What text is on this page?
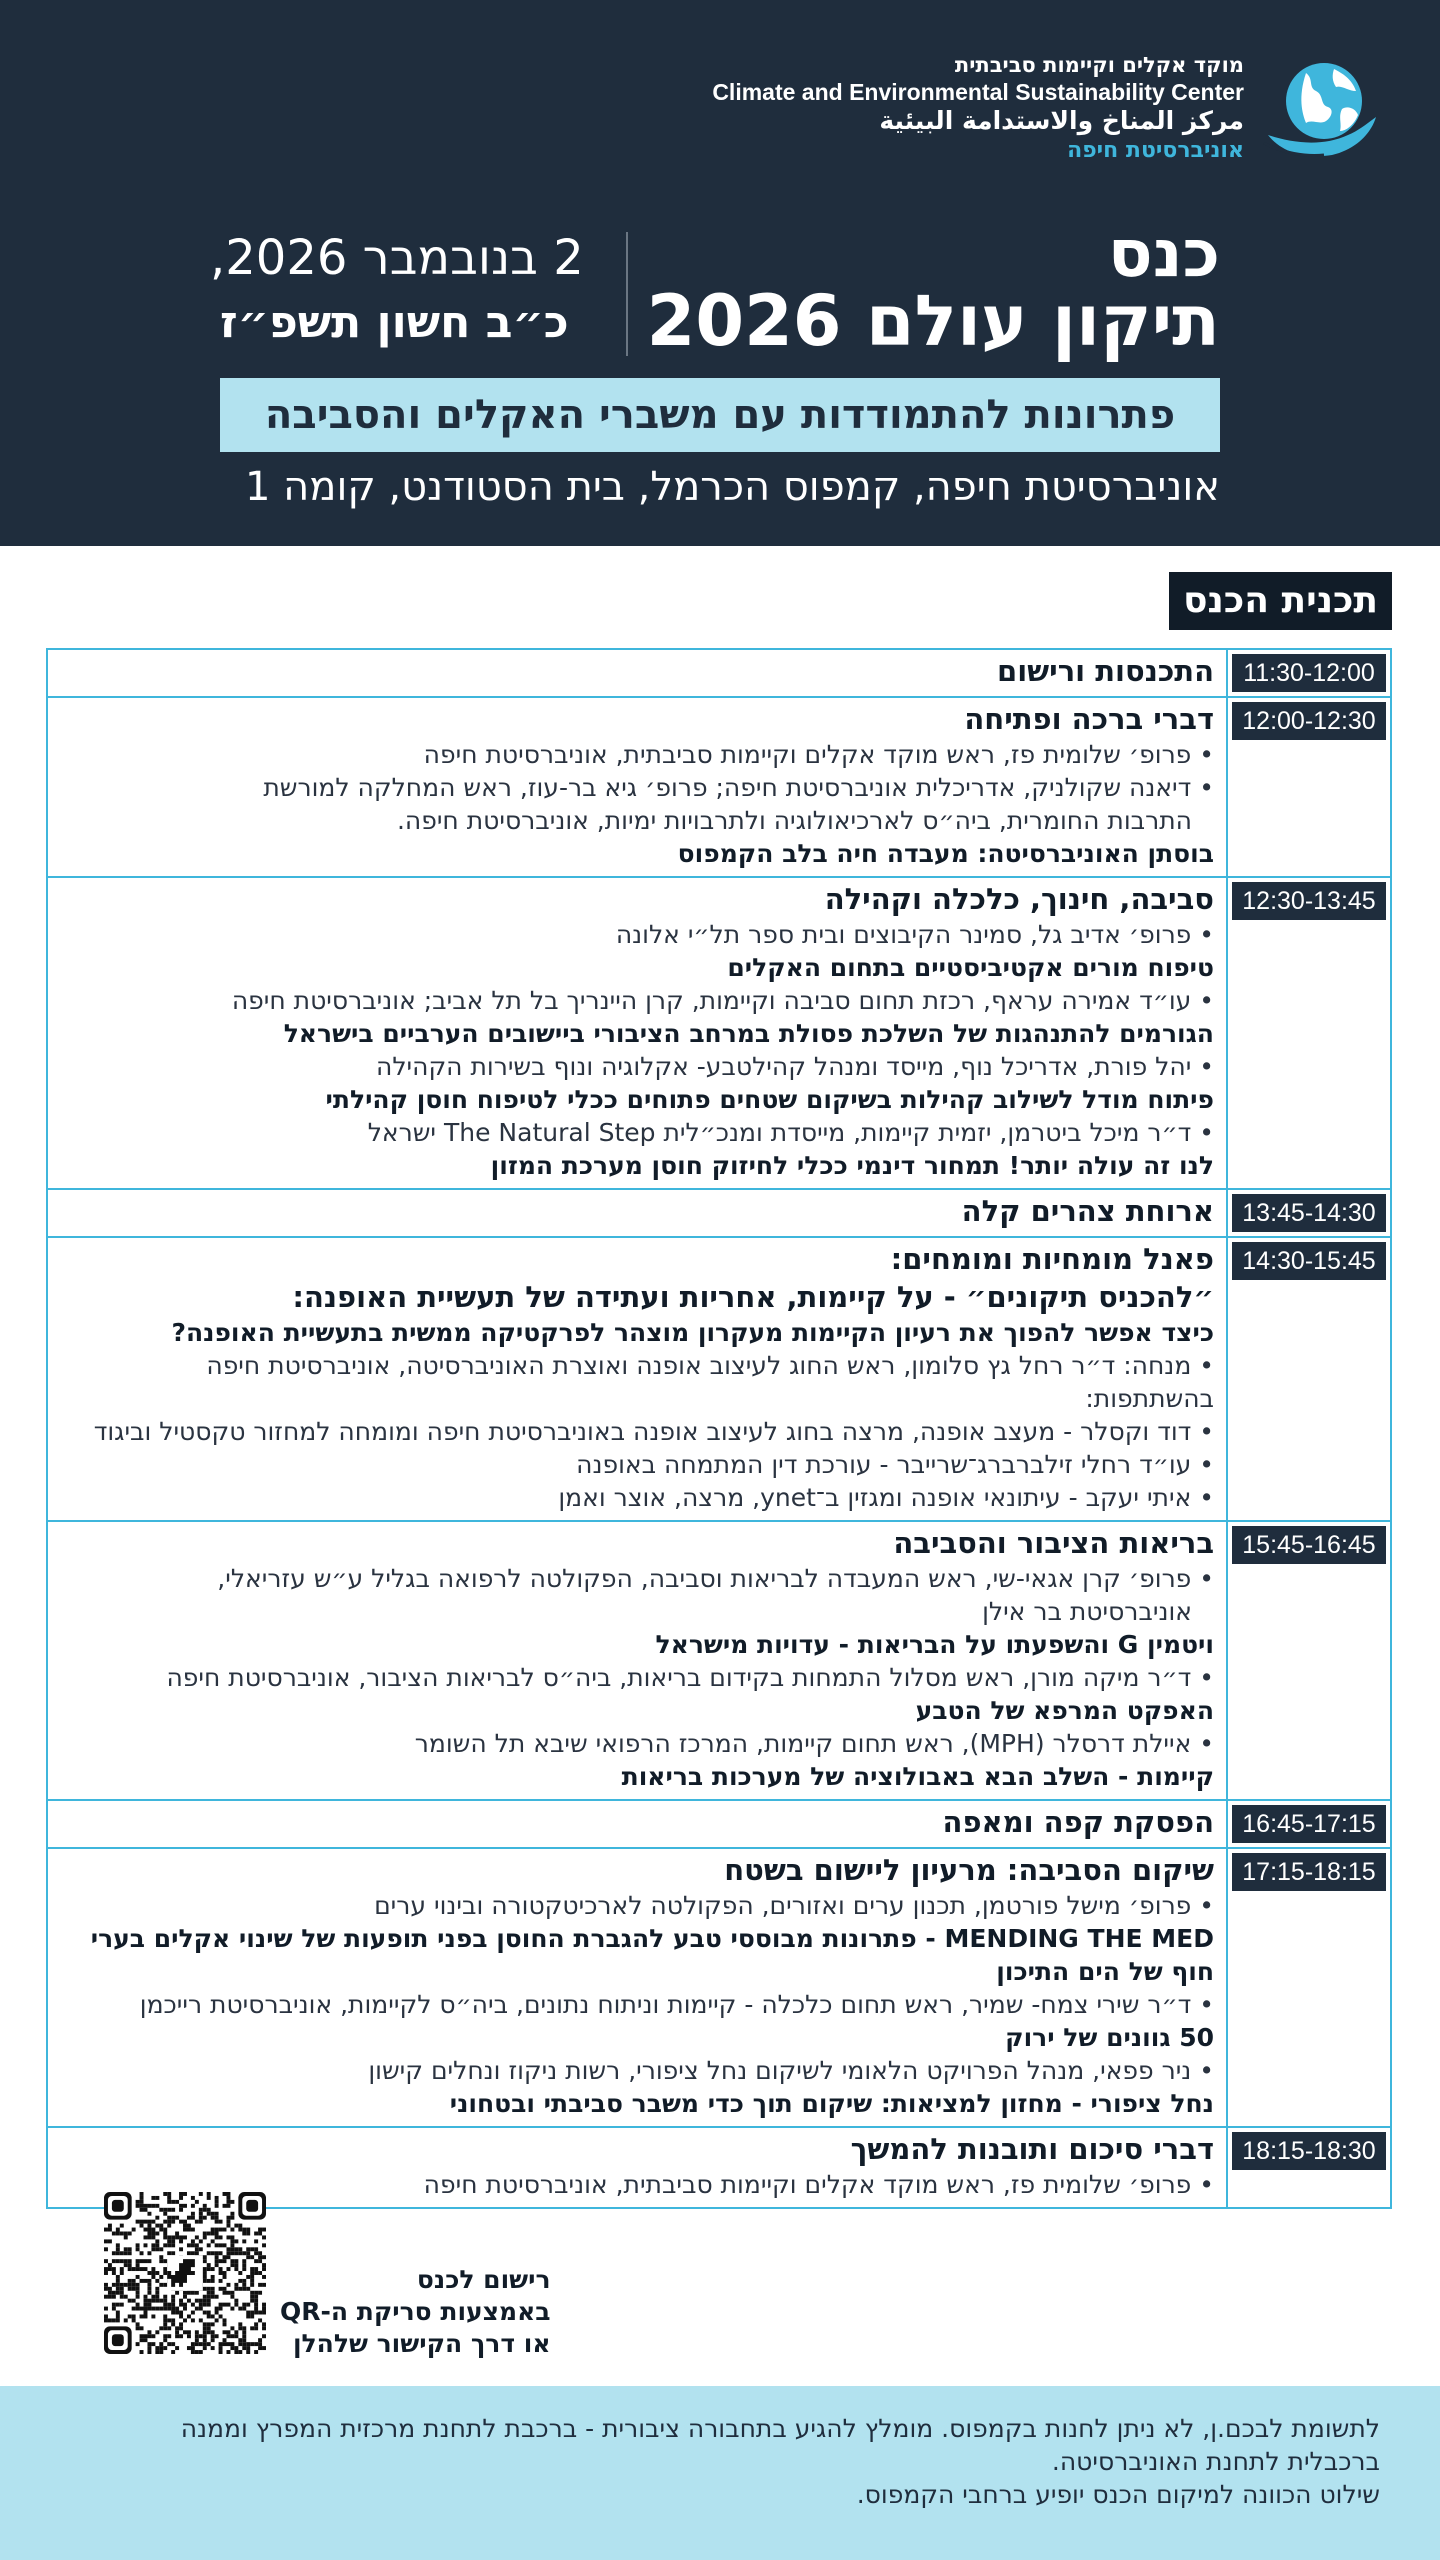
מוקד אקלים וקיימות סביבתית
Climate and Environmental Sustainability Center
مركز المناخ والاستدامة البيئية
אוניברסיטת חיפה
כנס
תיקון עולם 2026
2 בנובמבר 2026,
כ״ב חשון תשפ״ז
פתרונות להתמודדות עם משברי האקלים והסביבה
אוניברסיטת חיפה, קמפוס הכרמל, בית הסטודנט, קומה 1
תכנית הכנס
11:30-12:00
התכנסות ורישום
12:00-12:30
דברי ברכה ופתיחה
• פרופ׳ שלומית פז, ראש מוקד אקלים וקיימות סביבתית, אוניברסיטת חיפה
• דיאנה שקולניק, אדריכלית אוניברסיטת חיפה; פרופ׳ גיא בר-עוז, ראש המחלקה למורשת
התרבות החומרית, ביה״ס לארכיאולוגיה ולתרבויות ימיות, אוניברסיטת חיפה.
בוסתן האוניברסיטה: מעבדה חיה בלב הקמפוס
12:30-13:45
סביבה, חינוך, כלכלה וקהילה
• פרופ׳ אדיב גל, סמינר הקיבוצים ובית ספר תל״י אלונה
טיפוח מורים אקטיביסטיים בתחום האקלים
• עו״ד אמירה עראף, רכזת תחום סביבה וקיימות, קרן היינריך בל תל אביב; אוניברסיטת חיפה
הגורמים להתנהגות של השלכת פסולת במרחב הציבורי ביישובים הערביים בישראל
• יהל פורת, אדריכל נוף, מייסד ומנהל קהילטבע- אקלוגיה ונוף בשירות הקהילה
פיתוח מודל לשילוב קהילות בשיקום שטחים פתוחים ככלי לטיפוח חוסן קהילתי
• ד״ר מיכל ביטרמן, יזמית קיימות, מייסדת ומנכ״לית The Natural Step ישראל
לנו זה עולה יותר! תמחור דינמי ככלי לחיזוק חוסן מערכת המזון
13:45-14:30
ארוחת צהרים קלה
14:30-15:45
פאנל מומחיות ומומחים:
״להכניס תיקונים״ - על קיימות, אחריות ועתידה של תעשיית האופנה:
כיצד אפשר להפוך את רעיון הקיימות מעקרון מוצהר לפרקטיקה ממשית בתעשיית האופנה?
• מנחה: ד״ר רחל גץ סלומון, ראש החוג לעיצוב אופנה ואוצרת האוניברסיטה, אוניברסיטת חיפה
בהשתתפות:
• דוד וקסלר - מעצב אופנה, מרצה בחוג לעיצוב אופנה באוניברסיטת חיפה ומומחה למחזור טקסטיל וביגוד
• עו״ד רחלי זילברברג־שרייבר - עורכת דין המתמחה באופנה
• איתי יעקב - עיתונאי אופנה ומגזין ב־ynet, מרצה, אוצר ואמן
15:45-16:45
בריאות הציבור והסביבה
• פרופ׳ קרן אגאי-שי, ראש המעבדה לבריאות וסביבה, הפקולטה לרפואה בגליל ע״ש עזריאלי,
אוניברסיטת בר אילן
ויטמין G והשפעתו על הבריאות - עדויות מישראל
• ד״ר מיקה מורן, ראש מסלול התמחות בקידום בריאות, ביה״ס לבריאות הציבור, אוניברסיטת חיפה
האפקט המרפא של הטבע
• איילת דרסלר (MPH), ראש תחום קיימות, המרכז הרפואי שיבא תל השומר
קיימות - השלב הבא באבולוציה של מערכות בריאות
16:45-17:15
הפסקת קפה ומאפה
17:15-18:15
שיקום הסביבה: מרעיון ליישום בשטח
• פרופ׳ מישל פורטמן, תכנון ערים ואזורים, הפקולטה לארכיטקטורה ובינוי ערים
MENDING THE MED - פתרונות מבוססי טבע להגברת החוסן בפני תופעות של שינוי אקלים בערי
חוף של הים התיכון
• ד״ר שירי צמח- שמיר, ראש תחום כלכלה - קיימות וניתוח נתונים, ביה״ס לקיימות, אוניברסיטת רייכמן
50 גוונים של ירוק
• ניר פפאי, מנהל הפרויקט הלאומי לשיקום נחל ציפורי, רשות ניקוז ונחלים קישון
נחל ציפורי - מחזון למציאות: שיקום תוך כדי משבר סביבתי ובטחוני
18:15-18:30
דברי סיכום ותובנות להמשך
• פרופ׳ שלומית פז, ראש מוקד אקלים וקיימות סביבתית, אוניברסיטת חיפה
רישום לכנס
באמצעות סריקת ה-QR
או דרך הקישור שלהלן
לתשומת לבכם.ן, לא ניתן לחנות בקמפוס. מומלץ להגיע בתחבורה ציבורית - ברכבת לתחנת מרכזית המפרץ וממנה
ברכבלית לתחנת האוניברסיטה.
שילוט הכוונה למיקום הכנס יופיע ברחבי הקמפוס.
